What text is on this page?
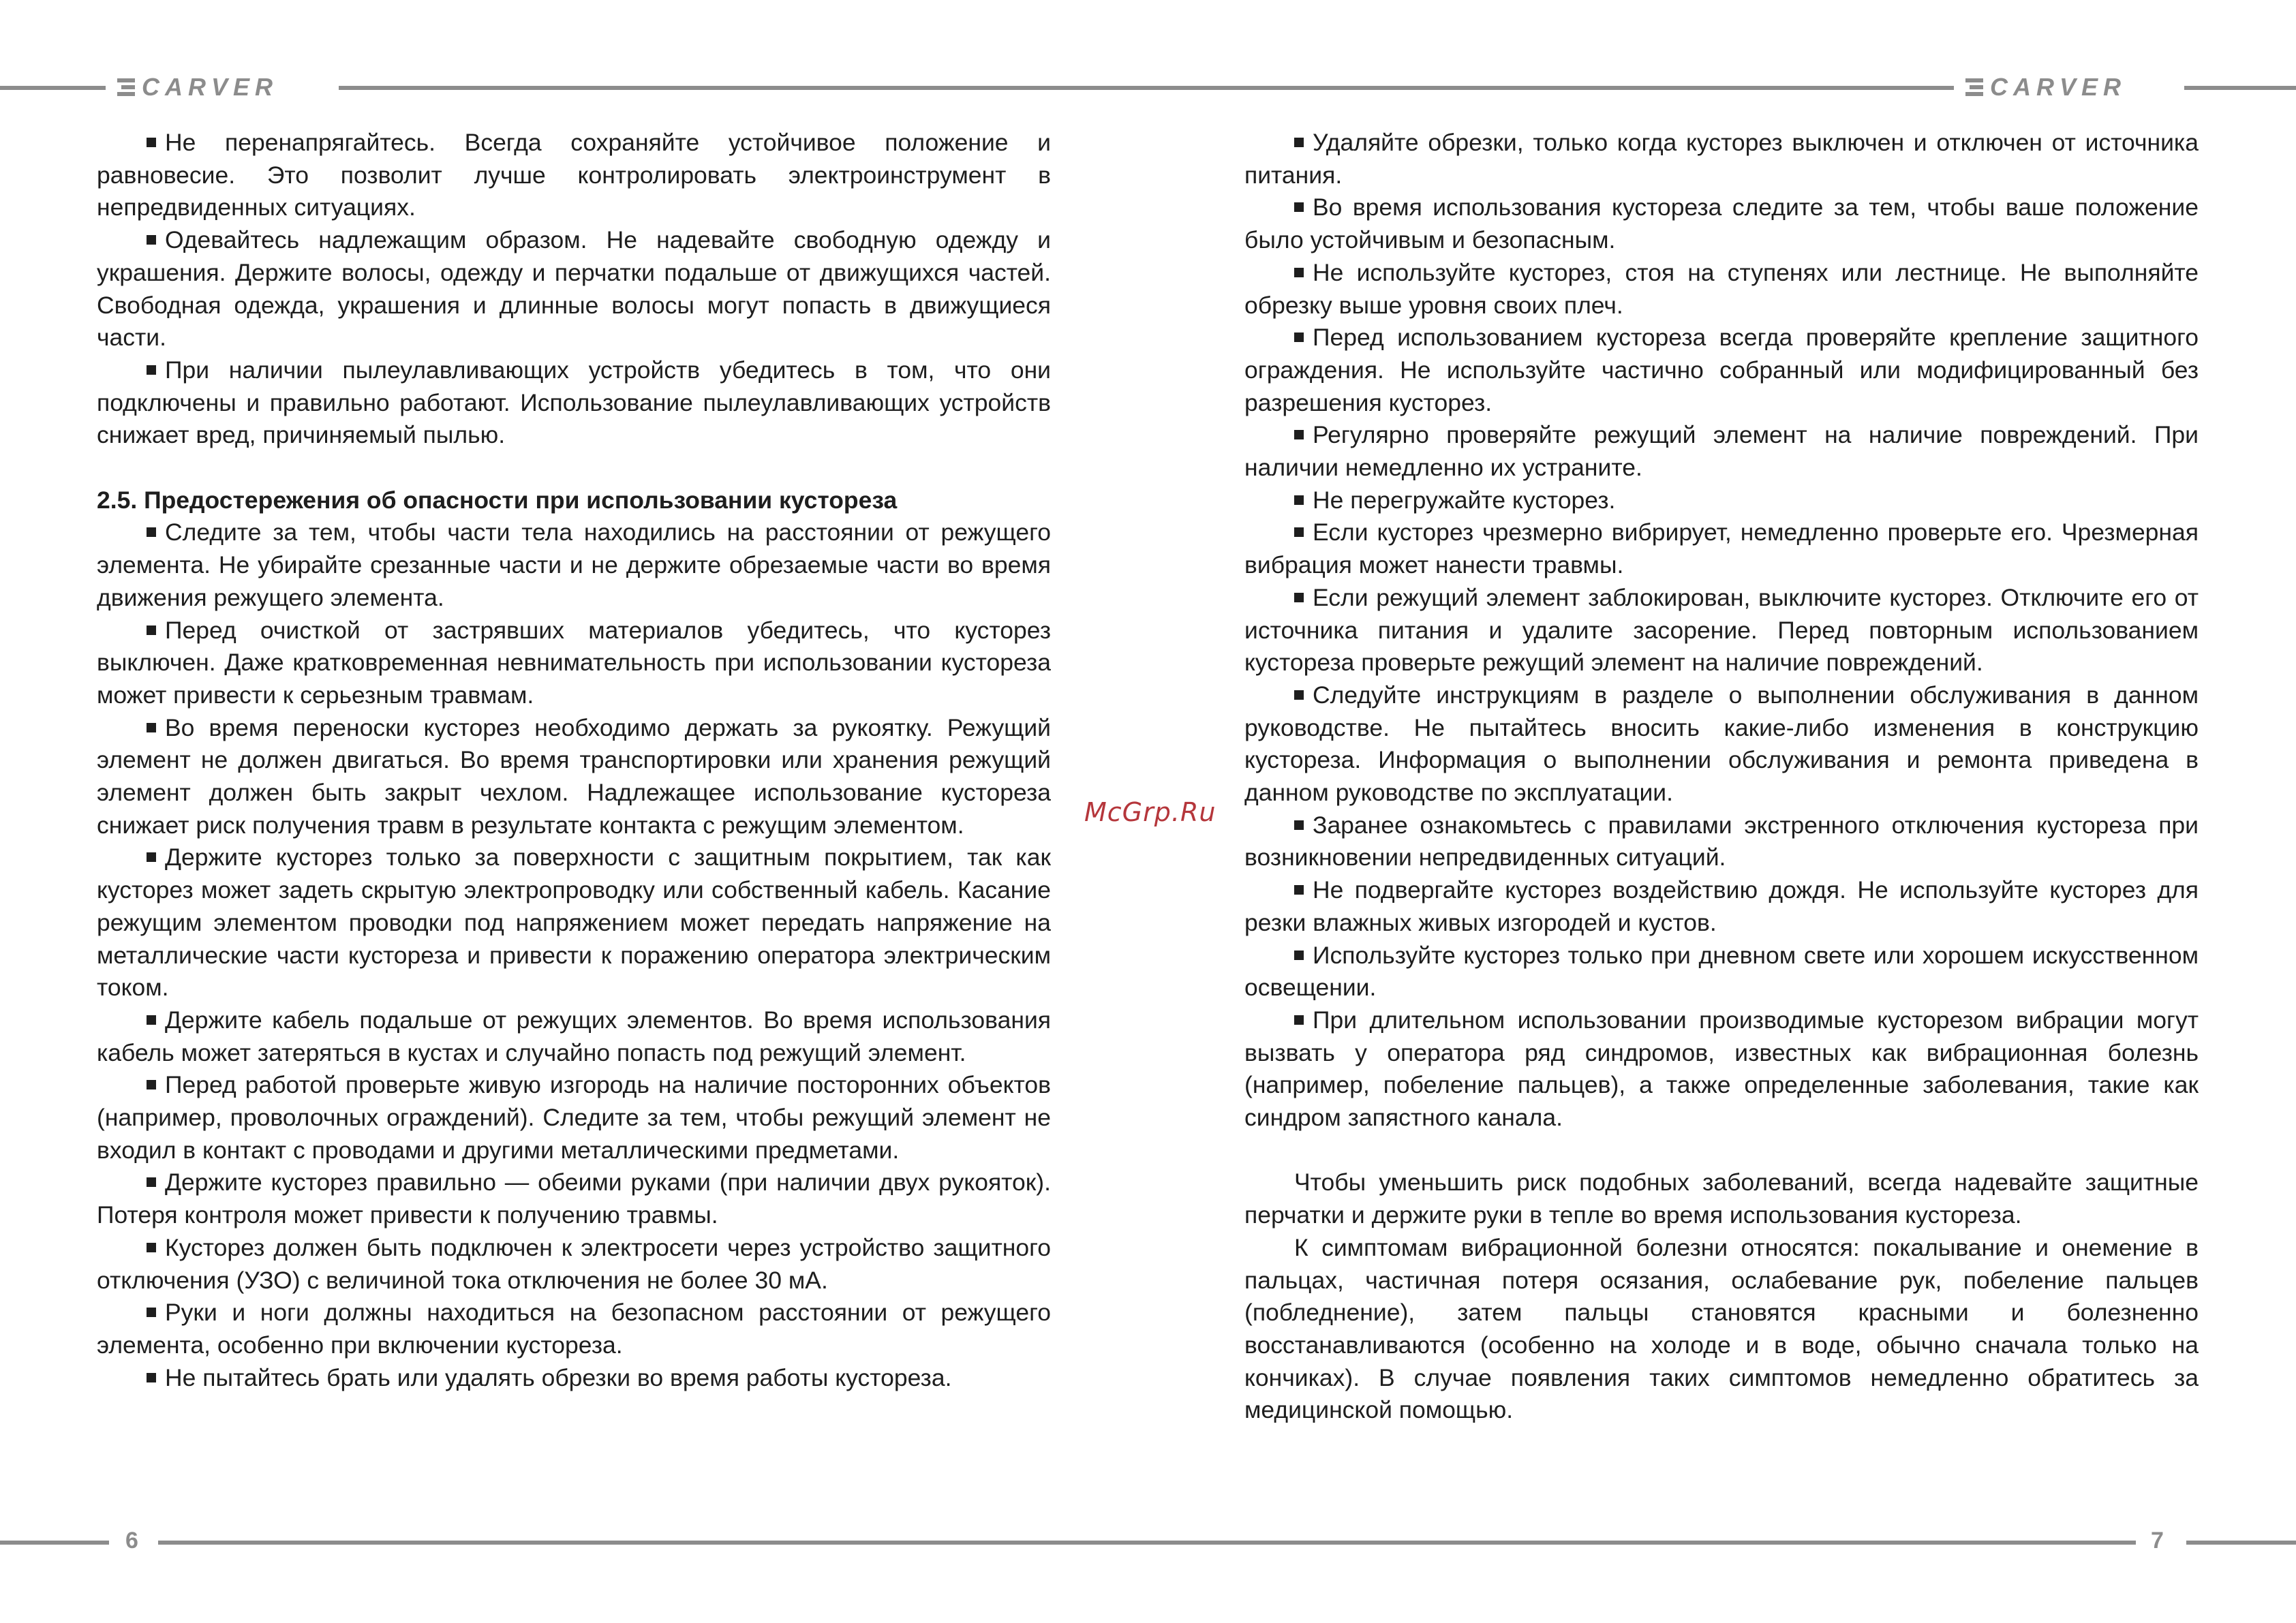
CARVER	CARVER

Не перенапрягайтесь. Всегда сохраняйте устойчивое положение и равновесие. Это позволит лучше контролировать электроинструмент в непредвиденных ситуациях.

Одевайтесь надлежащим образом. Не надевайте свободную одежду и украшения. Держите волосы, одежду и перчатки подальше от движущихся частей. Свободная одежда, украшения и длинные волосы могут попасть в движущиеся части.

При наличии пылеулавливающих устройств убедитесь в том, что они подключены и правильно работают. Использование пылеулавливающих устройств снижает вред, причиняемый пылью.

2.5. Предостережения об опасности при использовании кустореза

Следите за тем, чтобы части тела находились на расстоянии от режущего элемента. Не убирайте срезанные части и не держите обрезаемые части во время движения режущего элемента.

Перед очисткой от застрявших материалов убедитесь, что кусторез выключен. Даже кратковременная невнимательность при использовании кустореза может привести к серьезным травмам.

Во время переноски кусторез необходимо держать за рукоятку. Режущий элемент не должен двигаться. Во время транспортировки или хранения режущий элемент должен быть закрыт чехлом. Надлежащее использование кустореза снижает риск получения травм в результате контакта с режущим элементом.

Держите кусторез только за поверхности с защитным покрытием, так как кусторез может задеть скрытую электропроводку или собственный кабель. Касание режущим элементом проводки под напряжением может передать напряжение на металлические части кустореза и привести к поражению оператора электрическим током.

Держите кабель подальше от режущих элементов. Во время использования кабель может затеряться в кустах и случайно попасть под режущий элемент.

Перед работой проверьте живую изгородь на наличие посторонних объектов (например, проволочных ограждений). Следите за тем, чтобы режущий элемент не входил в контакт с проводами и другими металлическими предметами.

Держите кусторез правильно — обеими руками (при наличии двух рукояток). Потеря контроля может привести к получению травмы.

Кусторез должен быть подключен к электросети через устройство защитного отключения (УЗО) с величиной тока отключения не более 30 мА.

Руки и ноги должны находиться на безопасном расстоянии от режущего элемента, особенно при включении кустореза.

Не пытайтесь брать или удалять обрезки во время работы кустореза.

McGrp.Ru

Удаляйте обрезки, только когда кусторез выключен и отключен от источника питания.

Во время использования кустореза следите за тем, чтобы ваше положение было устойчивым и безопасным.

Не используйте кусторез, стоя на ступенях или лестнице. Не выполняйте обрезку выше уровня своих плеч.

Перед использованием кустореза всегда проверяйте крепление защитного ограждения. Не используйте частично собранный или модифицированный без разрешения кусторез.

Регулярно проверяйте режущий элемент на наличие повреждений. При наличии немедленно их устраните.

Не перегружайте кусторез.

Если кусторез чрезмерно вибрирует, немедленно проверьте его. Чрезмерная вибрация может нанести травмы.

Если режущий элемент заблокирован, выключите кусторез. Отключите его от источника питания и удалите засорение. Перед повторным использованием кустореза проверьте режущий элемент на наличие повреждений.

Следуйте инструкциям в разделе о выполнении обслуживания в данном руководстве. Не пытайтесь вносить какие-либо изменения в конструкцию кустореза. Информация о выполнении обслуживания и ремонта приведена в данном руководстве по эксплуатации.

Заранее ознакомьтесь с правилами экстренного отключения кустореза при возникновении непредвиденных ситуаций.

Не подвергайте кусторез воздействию дождя. Не используйте кусторез для резки влажных живых изгородей и кустов.

Используйте кусторез только при дневном свете или хорошем искусственном освещении.

При длительном использовании производимые кусторезом вибрации могут вызвать у оператора ряд синдромов, известных как вибрационная болезнь (например, побеление пальцев), а также определенные заболевания, такие как синдром запястного канала.

Чтобы уменьшить риск подобных заболеваний, всегда надевайте защитные перчатки и держите руки в тепле во время использования кустореза.

К симптомам вибрационной болезни относятся: покалывание и онемение в пальцах, частичная потеря осязания, ослабевание рук, побеление пальцев (побледнение), затем пальцы становятся красными и болезненно восстанавливаются (особенно на холоде и в воде, обычно сначала только на кончиках). В случае появления таких симптомов немедленно обратитесь за медицинской помощью.

6	7
